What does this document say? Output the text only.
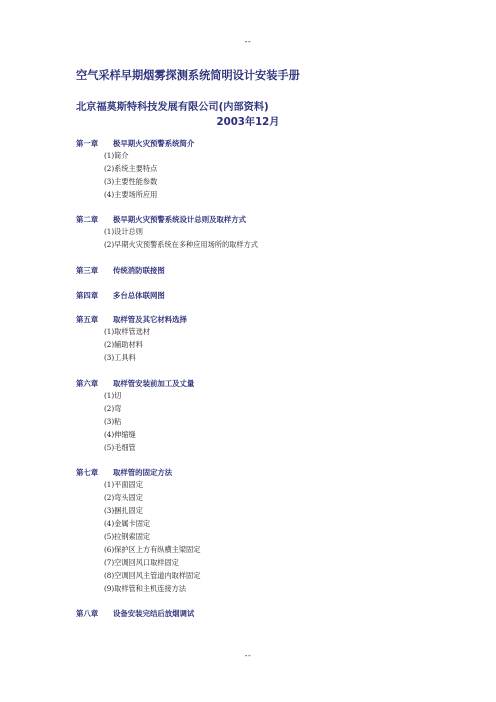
--
空气采样早期烟雾探测系统简明设计安装手册
北京福莫斯特科技发展有限公司(内部资料)
2003年12月
第一章 极早期火灾预警系统简介
(1)简介
(2)系统主要特点
(3)主要性能参数
(4)主要场所应用
第二章 极早期火灾预警系统设计总则及取样方式
(1)设计总则
(2)早期火灾预警系统在多种应用场所的取样方式
第三章 传统消防联接图
第四章 多台总体联网图
第五章 取样管及其它材料选择
(1)取样管选材
(2)辅助材料
(3)工具料
第六章 取样管安装前加工及丈量
(1)切
(2)弯
(3)粘
(4)伸缩缝
(5)毛细管
第七章 取样管的固定方法
(1)平面固定
(2)弯头固定
(3)捆扎固定
(4)金属卡固定
(5)拉钢索固定
(6)保护区上方有纵横主梁固定
(7)空调回风口取样固定
(8)空调回风主管道内取样固定
(9)取样管和主机连接方法
第八章 设备安装完结后放烟调试
--
